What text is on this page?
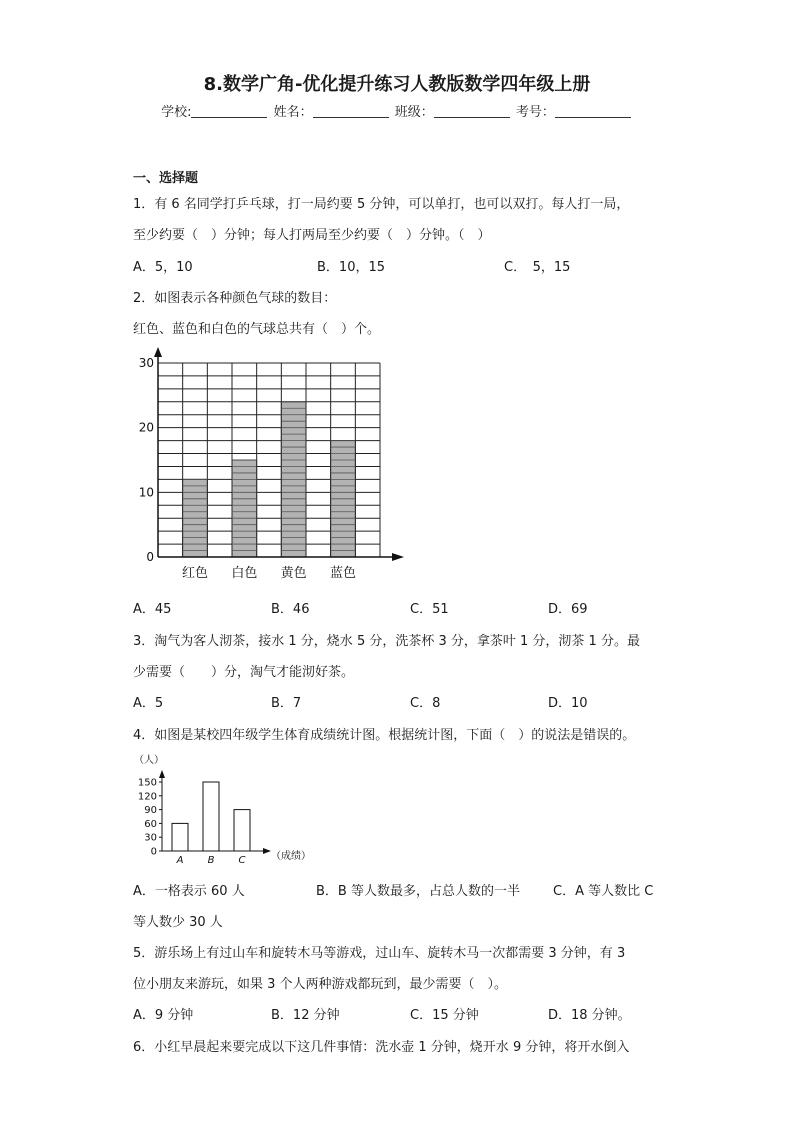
8.数学广角-优化提升练习人教版数学四年级上册
学校:	姓名：	班级：	考号：
一、选择题
1．有 6 名同学打乒乓球，打一局约要 5 分钟，可以单打，也可以双打。每人打一局，
至少约要（　）分钟；每人打两局至少约要（　）分钟。（　）
A．5，10	B．10，15	C．　5，15
2．如图表示各种颜色气球的数目：
红色、蓝色和白色的气球总共有（　）个。
红色 白色 黄色 蓝色
0
10
20
30
A．45	B．46	C．51	D．69
3．淘气为客人沏茶，接水 1 分，烧水 5 分，洗茶杯 3 分，拿茶叶 1 分，沏茶 1 分。最
少需要（　　）分，淘气才能沏好茶。
A．5	B．7	C．8	D．10
4．如图是某校四年级学生体育成绩统计图。根据统计图，下面（　）的说法是错误的。
（人）
（成绩）
0
30
60
90
120
150
A B C
A．一格表示 60 人	B．B 等人数最多，占总人数的一半	C．A 等人数比 C
等人数少 30 人
5．游乐场上有过山车和旋转木马等游戏，过山车、旋转木马一次都需要 3 分钟，有 3
位小朋友来游玩，如果 3 个人两种游戏都玩到，最少需要（　）。
A．9 分钟	B．12 分钟	C．15 分钟	D．18 分钟。
6．小红早晨起来要完成以下这几件事情：洗水壶 1 分钟，烧开水 9 分钟，将开水倒入
